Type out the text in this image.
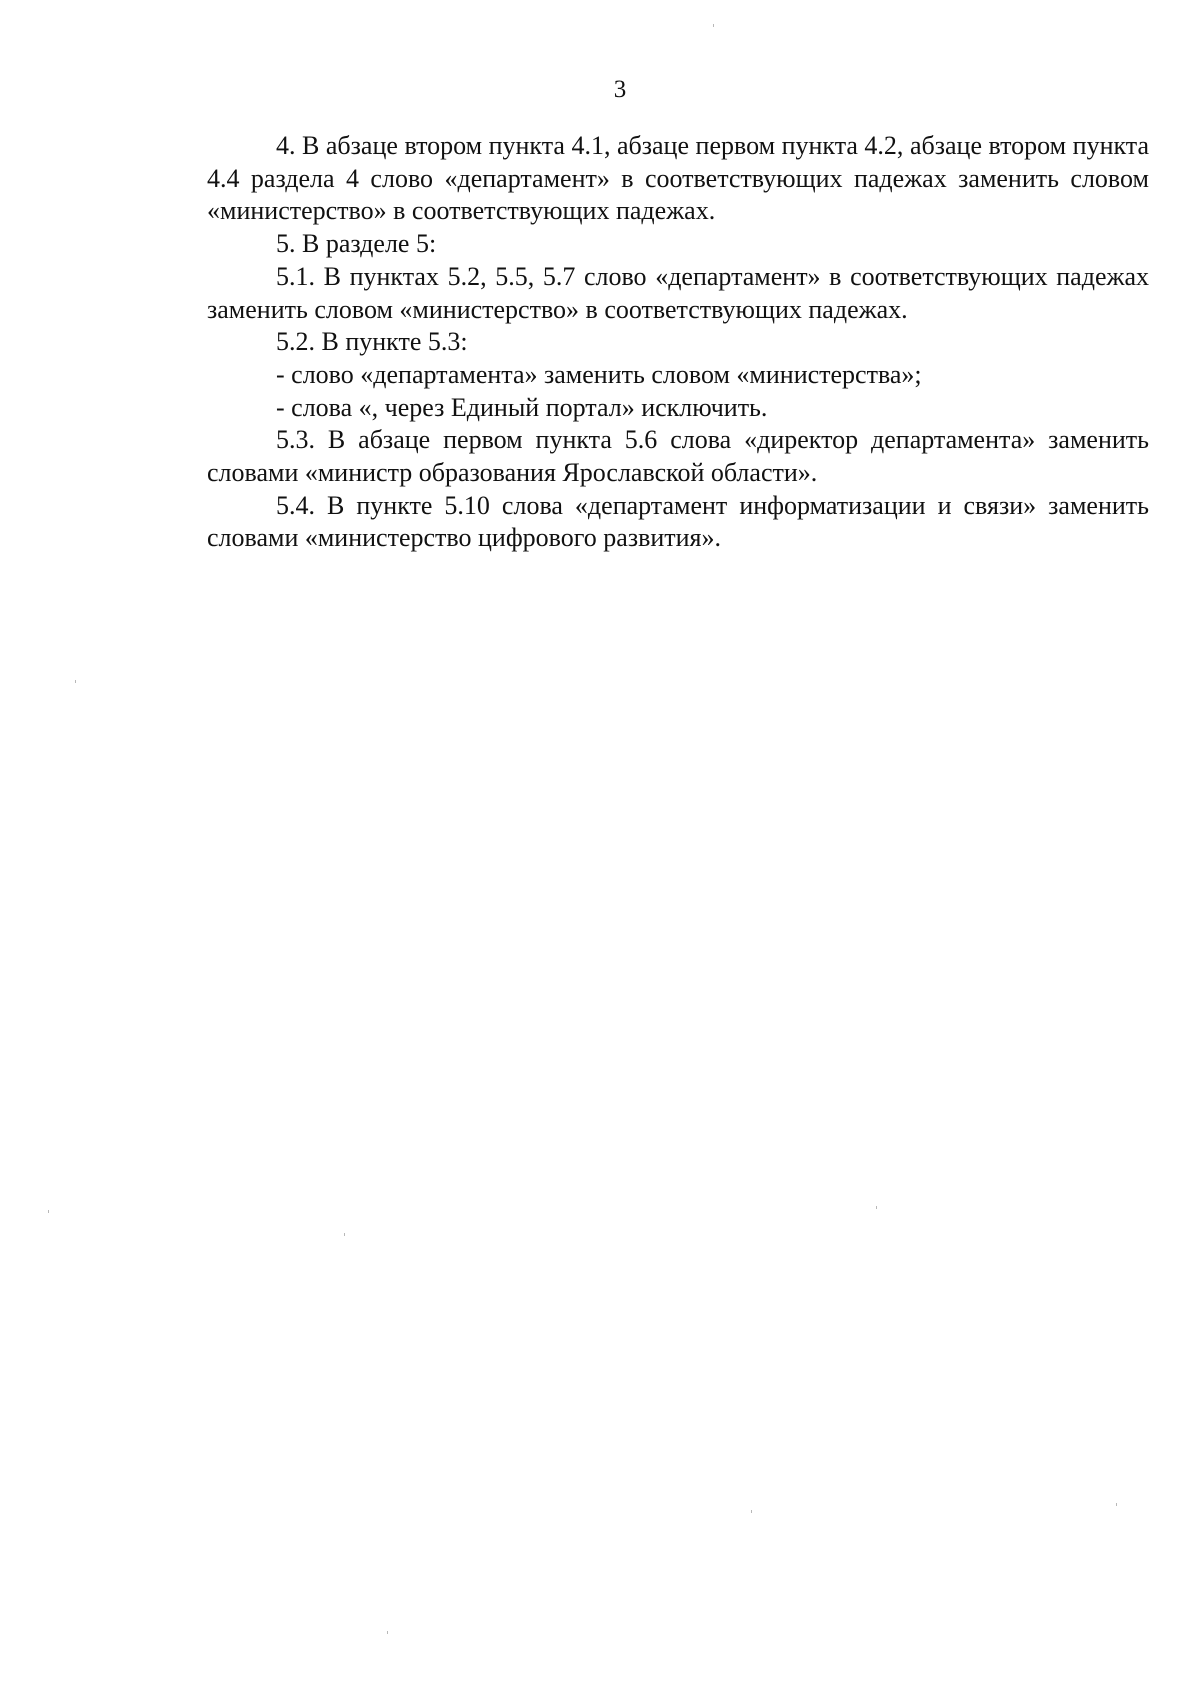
3

4. В абзаце втором пункта 4.1, абзаце первом пункта 4.2, абзаце втором пункта 4.4 раздела 4 слово «департамент» в соответствующих падежах заменить словом «министерство» в соответствующих падежах.

5. В разделе 5:

5.1. В пунктах 5.2, 5.5, 5.7 слово «департамент» в соответствующих падежах заменить словом «министерство» в соответствующих падежах.

5.2. В пункте 5.3:

- слово «департамента» заменить словом «министерства»;

- слова «, через Единый портал» исключить.

5.3. В абзаце первом пункта 5.6 слова «директор департамента» заменить словами «министр образования Ярославской области».

5.4. В пункте 5.10 слова «департамент информатизации и связи» заменить словами «министерство цифрового развития».
